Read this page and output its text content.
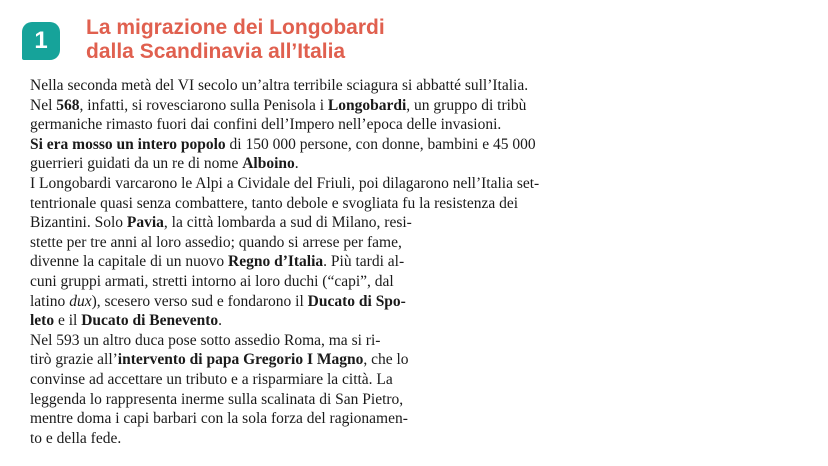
1	La migrazione dei Longobardi
dalla Scandinavia all’Italia
Nella seconda metà del VI secolo un’altra terribile sciagura si abbatté sull’Italia.
Nel 568, infatti, si rovesciarono sulla Penisola i Longobardi, un gruppo di tribù
germaniche rimasto fuori dai confini dell’Impero nell’epoca delle invasioni.
Si era mosso un intero popolo di 150 000 persone, con donne, bambini e 45 000
guerrieri guidati da un re di nome Alboino.
I Longobardi varcarono le Alpi a Cividale del Friuli, poi dilagarono nell’Italia set-
tentrionale quasi senza combattere, tanto debole e svogliata fu la resistenza dei
Bizantini. Solo Pavia, la città lombarda a sud di Milano, resi-
stette per tre anni al loro assedio; quando si arrese per fame,
divenne la capitale di un nuovo Regno d’Italia. Più tardi al-
cuni gruppi armati, stretti intorno ai loro duchi (“capi”, dal
latino dux), scesero verso sud e fondarono il Ducato di Spo-
leto e il Ducato di Benevento.
Nel 593 un altro duca pose sotto assedio Roma, ma si ri-
tirò grazie all’intervento di papa Gregorio I Magno, che lo
convinse ad accettare un tributo e a risparmiare la città. La
leggenda lo rappresenta inerme sulla scalinata di San Pietro,
mentre doma i capi barbari con la sola forza del ragionamen-
to e della fede.
